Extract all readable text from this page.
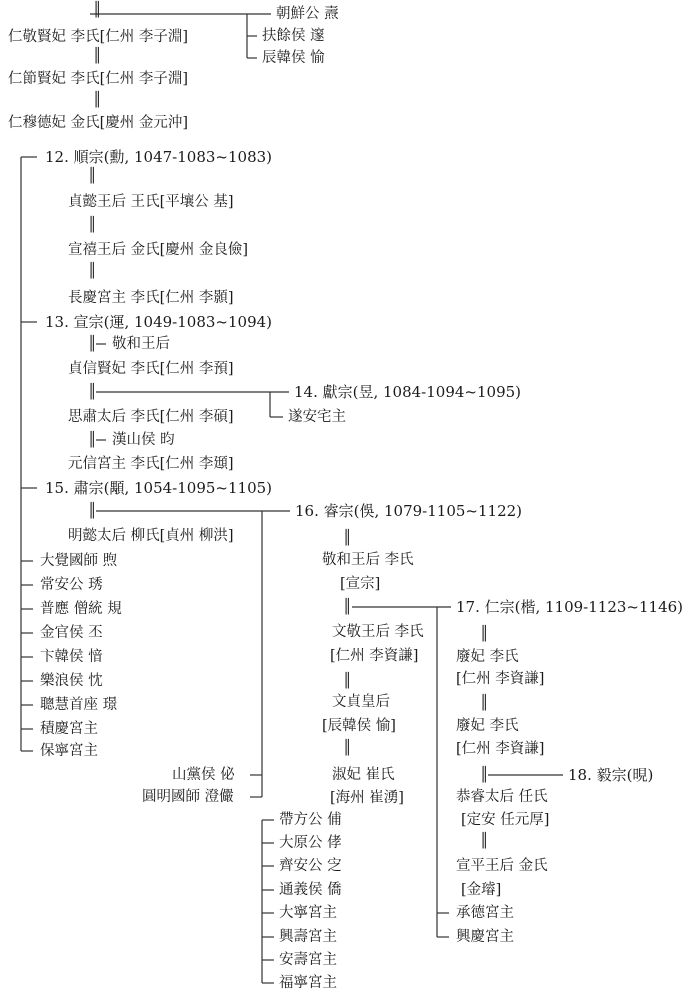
║
║
║
║
║
║
║
║
║
║
║
║
║
║
║
║
║
║
朝鮮公 燾
扶餘侯 邃
辰韓侯 愉
仁敬賢妃 李氏[仁州 李子淵]
仁節賢妃 李氏[仁州 李子淵]
仁穆德妃 金氏[慶州 金元沖]
12. 順宗(勳, 1047-1083~1083)
貞懿王后 王氏[平壤公 基]
宣禧王后 金氏[慶州 金良儉]
長慶宮主 李氏[仁州 李顥]
13. 宣宗(運, 1049-1083~1094)
敬和王后
貞信賢妃 李氏[仁州 李預]
14. 獻宗(昱, 1084-1094~1095)
遂安宅主
思肅太后 李氏[仁州 李碩]
漢山侯 昀
元信宮主 李氏[仁州 李頲]
15. 肅宗(顒, 1054-1095~1105)
明懿太后 柳氏[貞州 柳洪]
大覺國師 煦
常安公 琇
普應 僧統 規
金官侯 丕
卞韓侯 愔
樂浪侯 忱
聰慧首座 璟
積慶宮主
保寧宮主
16. 睿宗(俁, 1079-1105~1122)
敬和王后 李氏
[宣宗]
文敬王后 李氏
[仁州 李資謙]
文貞皇后
[辰韓侯 愉]
淑妃 崔氏
[海州 崔湧]
山黨侯 佖
圓明國師 澄儼
帶方公 俌
大原公 侾
齊安公 㝎
通義侯 僑
大寧宮主
興壽宮主
安壽宮主
福寧宮主
17. 仁宗(楷, 1109-1123~1146)
廢妃 李氏
[仁州 李資謙]
廢妃 李氏
[仁州 李資謙]
18. 毅宗(晛)
恭睿太后 任氏
[定安 任元厚]
宣平王后 金氏
[金璿]
承德宮主
興慶宮主
